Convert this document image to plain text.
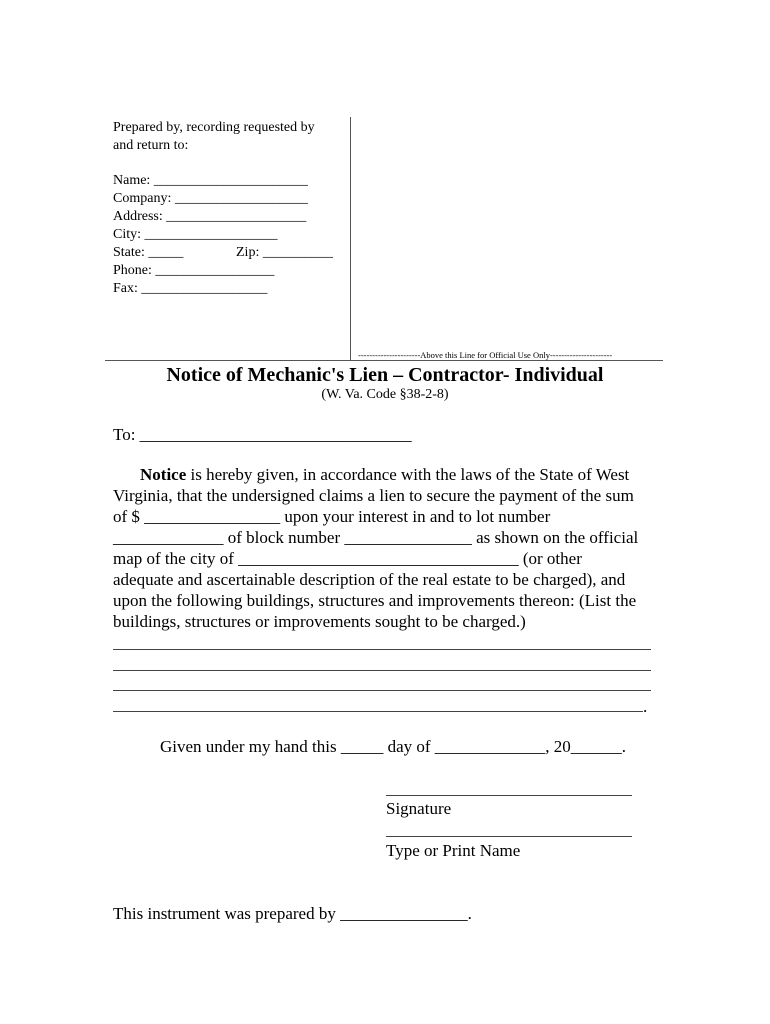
Prepared by, recording requested by
and return to:
Name: ______________________
Company: ___________________
Address: ____________________
City: ___________________
State: _____	Zip: __________
Phone: _________________
Fax: __________________
----------------------Above this Line for Official Use Only----------------------
Notice of Mechanic's Lien – Contractor- Individual
(W. Va. Code §38-2-8)
To: ________________________________
Notice is hereby given, in accordance with the laws of the State of West
Virginia, that the undersigned claims a lien to secure the payment of the sum
of $ ________________ upon your interest in and to lot number
_____________ of block number _______________ as shown on the official
map of the city of _________________________________ (or other
adequate and ascertainable description of the real estate to be charged), and
upon the following buildings, structures and improvements thereon: (List the
buildings, structures or improvements sought to be charged.)
.
Given under my hand this _____ day of _____________, 20______.
Signature
Type or Print Name
This instrument was prepared by _______________.
